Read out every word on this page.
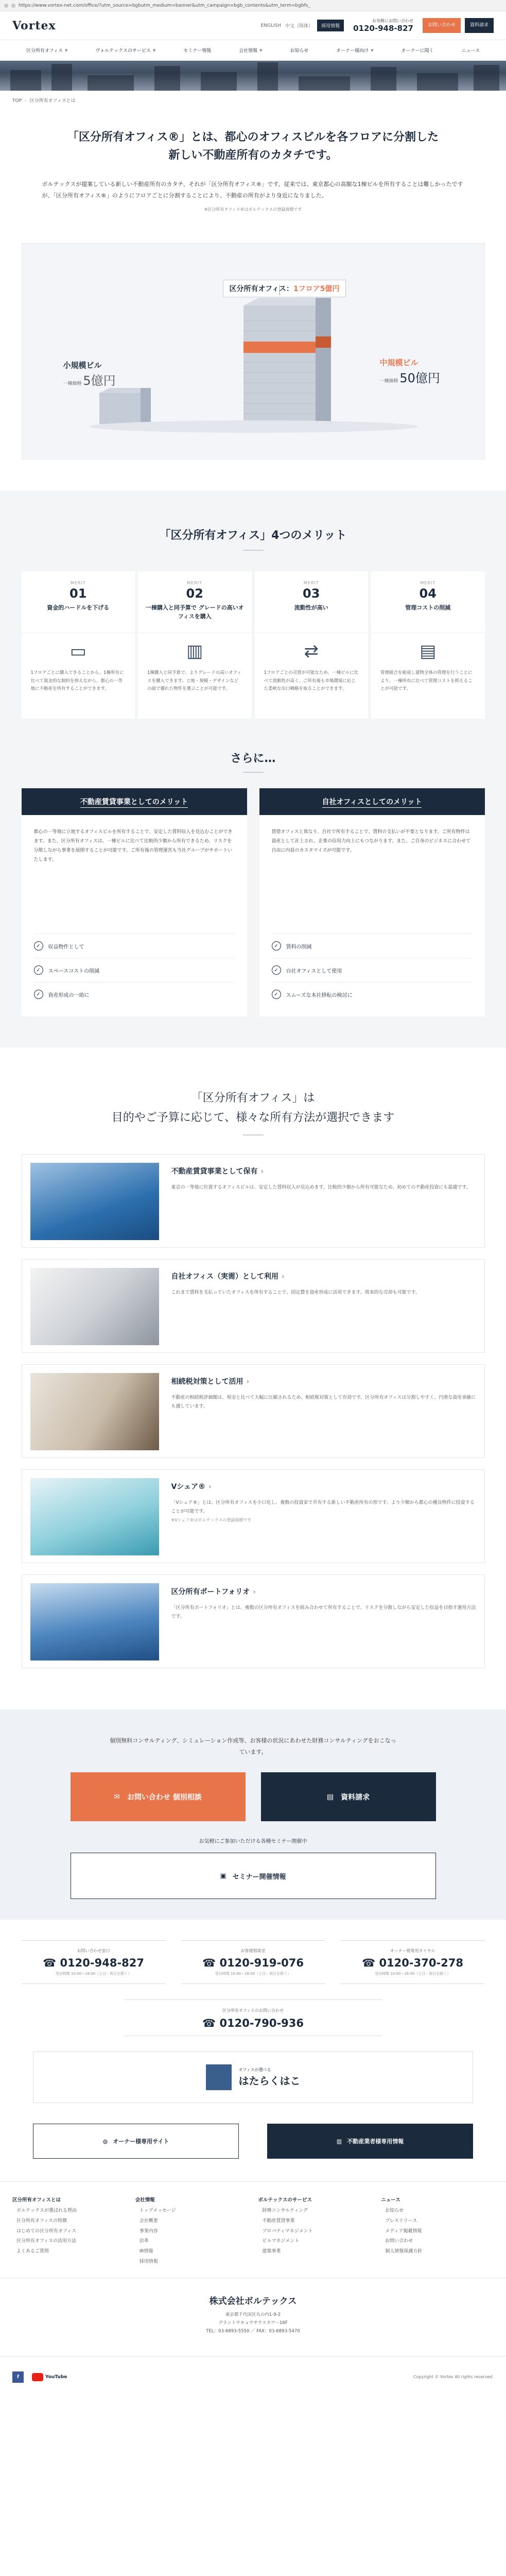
https://www.vortex-net.com/office/?utm_source=bgbutm_medium=banner&utm_campaign=bgb_contents&utm_term=bgbfs_
Vortex	ENGLISH 中文（简体）	採用情報
お気軽にお問い合わせ
0120-948-827	お問い合わせ	資料請求
区分所有オフィス ▼	ヴォルテックスのサービス ▼	セミナー情報	会社情報 ▼	お知らせ	オーナー様向け ▼	オーナーに聞く	ニュース
TOP › 区分所有オフィスとは
「区分所有オフィス®」とは、都心のオフィスビルを各フロアに分割した
新しい不動産所有のカタチです。

ボルテックスが提案している新しい不動産所有のカタチ、それが「区分所有オフィス®」です。従来では、東京都心の高額な1棟ビルを所有することは難しかったですが、「区分所有オフィス®」のようにフロアごとに分割することにより、不動産の所有がより身近になりました。

※区分所有オフィス®はボルテックスの登録商標です
区分所有オフィス：1フロア5億円
小規模ビル
一棟価格 5億円
中規模ビル
一棟価格 50億円
「区分所有オフィス」4つのメリット
MERIT
01
資金的ハードルを下げる
▭
1フロアごとに購入できることから、1棟所有に比べて資金的な制約を抑えながら、都心の一等地に不動産を所有することができます。
MERIT
02
一棟購入と同予算で グレードの高いオフィスを購入
▥
1棟購入と同予算で、よりグレードの高いオフィスを購入できます。立地・規模・デザインなどの面で優れた物件を選ぶことが可能です。
MERIT
03
流動性が高い
⇄
1フロアごとの売買が可能なため、一棟ビルに比べて流動性が高く、ご所有後も市場環境に応じた柔軟な出口戦略を取ることができます。
MERIT
04
管理コストの削減
▤
管理組合を組成し建物全体の管理を行うことにより、一棟所有に比べて管理コストを抑えることが可能です。
さらに…
不動産賃貸事業としてのメリット
都心の一等地に立地するオフィスビルを所有することで、安定した賃料収入を見込むことができます。また、区分所有オフィスは、一棟ビルに比べて比較的少額から所有できるため、リスクを分散しながら事業を展開することが可能です。ご所有後の管理運営も当社グループがサポートいたします。
✓	収益物件として
✓	スペースコストの削減
✓	資産形成の一助に
自社オフィスとしてのメリット
賃借オフィスと異なり、自社で所有することで、賃料の支払いが不要となります。ご所有物件は資産として計上され、企業の信用力向上にもつながります。また、ご自身のビジネスに合わせて自由に内装のカスタマイズが可能です。
✓	賃料の削減
✓	自社オフィスとして使用
✓	スムーズな本社移転の検討に
「区分所有オフィス」は
目的やご予算に応じて、様々な所有方法が選択できます
不動産賃貸事業として保有 ›

東京の一等地に位置するオフィスビルは、安定した賃料収入が見込めます。比較的少額から所有可能なため、初めての不動産投資にも最適です。

自社オフィス（実需）として利用 ›

これまで賃料を支払っていたオフィスを所有することで、固定費を資産形成に活用できます。将来的な売却も可能です。

相続税対策として活用 ›

不動産の相続税評価額は、現金と比べて大幅に圧縮されるため、相続税対策として有効です。区分所有オフィスは分割しやすく、円滑な資産承継にも適しています。

Vシェア® ›

「Vシェア®」とは、区分所有オフィスを小口化し、複数の投資家で共有する新しい不動産所有の形です。より少額から都心の優良物件に投資することが可能です。

※Vシェア®はボルテックスの登録商標です

区分所有ポートフォリオ ›

「区分所有ポートフォリオ」とは、複数の区分所有オフィスを組み合わせて所有することで、リスクを分散しながら安定した収益を目指す運用方法です。

個別無料コンサルティング、シミュレーション作成等、お客様の状況にあわせた財務コンサルティングをおこなっています。
✉ お問い合わせ 個別相談	▤ 資料請求
お気軽にご参加いただける各種セミナー開催中
▣ セミナー開催情報
お問い合わせ窓口
☎ 0120-948-827
受付時間 10:00～18:00（土日・祝日を除く）
お客様相談室
☎ 0120-919-076
受付時間 10:00～18:00（土日・祝日を除く）
オーナー様専用ダイヤル
☎ 0120-370-278
受付時間 10:00～18:00（土日・祝日を除く）
区分所有オフィスのお問い合わせ
☎ 0120-790-936
オフィスが選べる
はたらくはこ
◍ オーナー様専用サイト	▥ 不動産業者様専用情報
区分所有オフィスとは
ボルテックスが選ばれる理由
区分所有オフィスの特徴
はじめての区分所有オフィス
区分所有オフィスの活用方法
よくあるご質問
会社情報
トップメッセージ
会社概要
事業内容
沿革
IR情報
採用情報
ボルテックスのサービス
財務コンサルティング
不動産賃貸事業
プロパティマネジメント
ビルマネジメント
建築事業
ニュース
お知らせ
プレスリリース
メディア掲載情報
お問い合わせ
個人情報保護方針
株式会社ボルテックス

東京都千代田区丸の内1-9-2
グラントウキョウサウスタワー16F
TEL：03-6893-5550 ／ FAX：03-6893-5470

f	YouTube	Copyright © Vortex All rights reserved.
